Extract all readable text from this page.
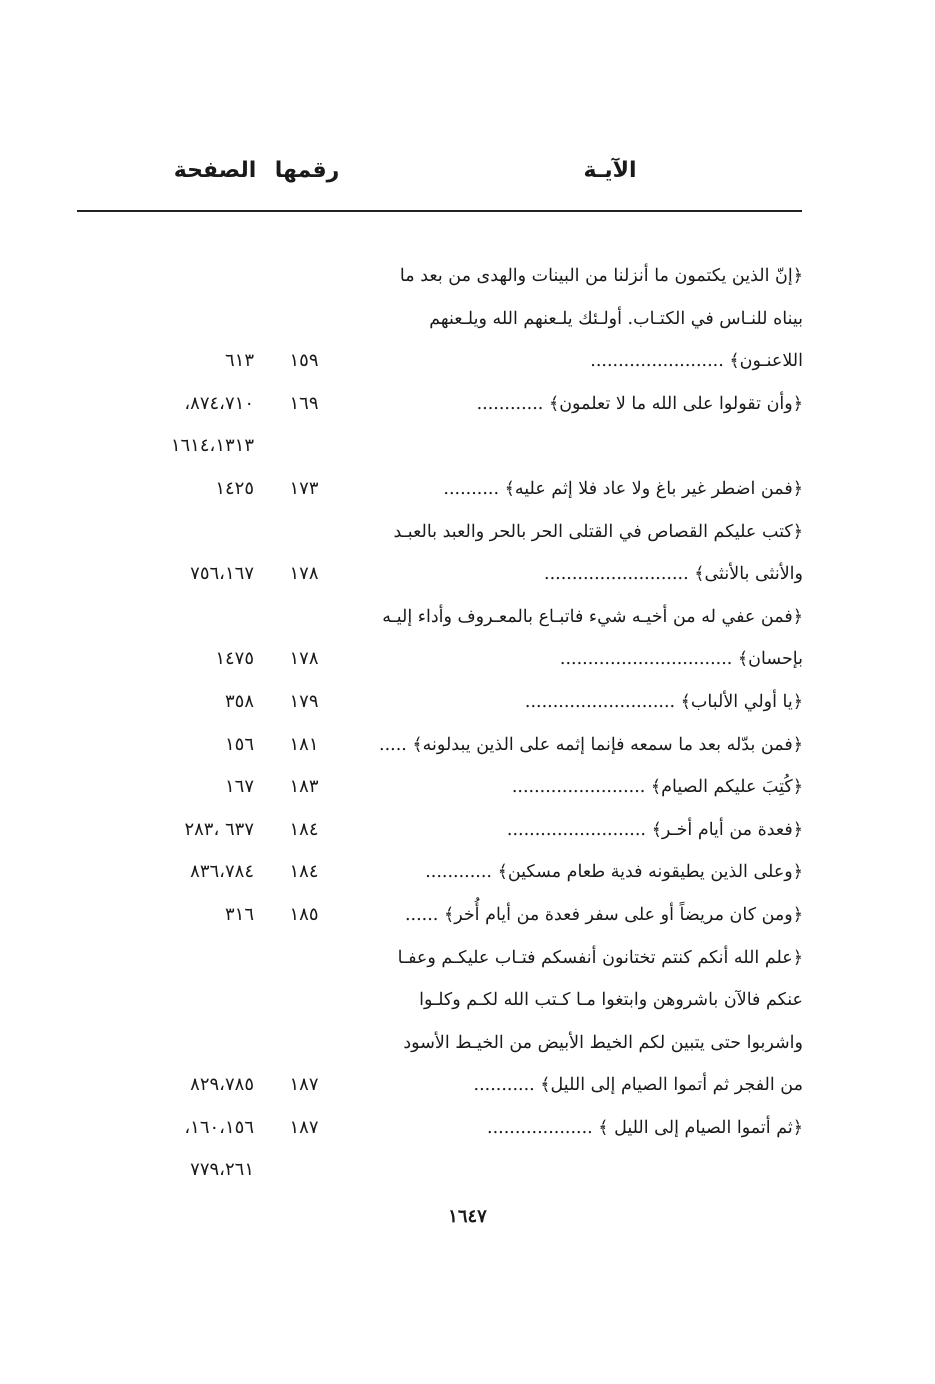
الآيـة
رقمها
الصفحة
﴿إنّ الذين يكتمون ما أنزلنا من البينات والهدى من بعد ما
بيناه للنـاس في الكتـاب. أولـئك يلـعنهم الله ويلـعنهم
اللاعنـون﴾ ........................
١٥٩
٦١٣
﴿وأن تقولوا على الله ما لا تعلمون﴾ ............
١٦٩
٨٧٤،٧١٠،
١٦١٤،١٣١٣
﴿فمن اضطر غير باغ ولا عاد فلا إثم عليه﴾ ..........
١٧٣
١٤٢٥
﴿كتب عليكم القصاص في القتلى الحر بالحر والعبد بالعبـد
والأنثى بالأنثى﴾ ..........................
١٧٨
٧٥٦،١٦٧
﴿فمن عفي له من أخيـه شيء فاتبـاع بالمعـروف وأداء إليـه
بإحسان﴾ ...............................
١٧٨
١٤٧٥
﴿يا أولي الألباب﴾ ...........................
١٧٩
٣٥٨
﴿فمن بدّله بعد ما سمعه فإنما إثمه على الذين يبدلونه﴾ .....
١٨١
١٥٦
﴿كُتِبَ عليكم الصيام﴾ ........................
١٨٣
١٦٧
﴿فعدة من أيام أخـر﴾ .........................
١٨٤
٦٣٧ ،٢٨٣
﴿وعلى الذين يطيقونه فدية طعام مسكين﴾ ............
١٨٤
٨٣٦،٧٨٤
﴿ومن كان مريضاً أو على سفر فعدة من أيام أُخر﴾ ......
١٨٥
٣١٦
﴿علم الله أنكم كنتم تختانون أنفسكم فتـاب عليكـم وعفـا
عنكم فالآن باشروهن وابتغوا مـا كـتب الله لكـم وكلـوا
واشربوا حتى يتبين لكم الخيط الأبيض من الخيـط الأسود
من الفجر ثم أتموا الصيام إلى الليل﴾ ...........
١٨٧
٨٢٩،٧٨٥
﴿ثم أتموا الصيام إلى الليل ﴾ ...................
١٨٧
١٦٠،١٥٦،
٧٧٩،٢٦١
١٦٤٧
